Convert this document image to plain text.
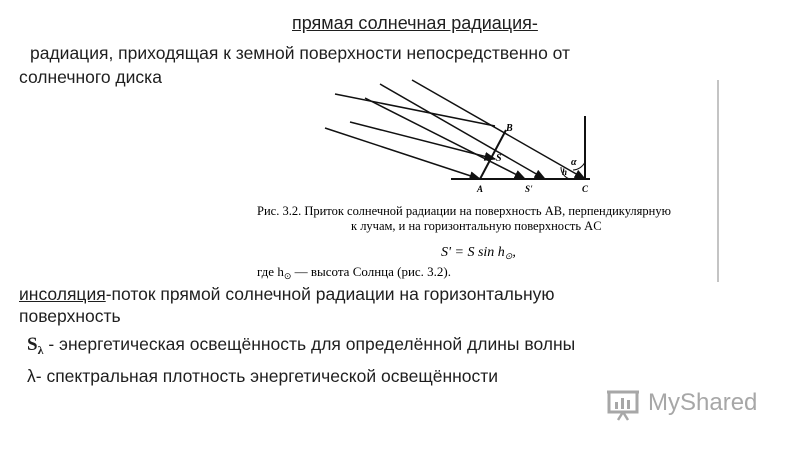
прямая солнечная радиация-
радиация, приходящая к земной поверхности непосредственно от
солнечного диска
B
S
h
α
A	S'	C
Рис. 3.2. Приток солнечной радиации на поверхность AB, перпендикулярную
к лучам, и на горизонтальную поверхность AC
S' = S $\sin h_⊙$,
где $h_⊙$ — высота Солнца (рис. 3.2).
инсоляция-поток прямой солнечной радиации на горизонтальную
поверхность
$S_\lambda$ - энергетическая освещённость для определённой длины волны
λ- спектральная плотность энергетической освещённости
MyShared
